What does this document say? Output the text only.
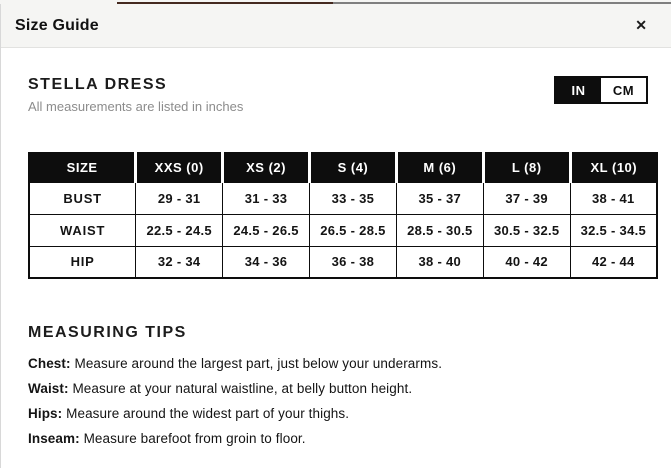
Size Guide	✕
STELLA DRESS
All measurements are listed in inches
IN	CM
SIZE	XXS (0)	XS (2)	S (4)	M (6)	L (8)	XL (10)
BUST	29 - 31	31 - 33	33 - 35	35 - 37	37 - 39	38 - 41
WAIST	22.5 - 24.5	24.5 - 26.5	26.5 - 28.5	28.5 - 30.5	30.5 - 32.5	32.5 - 34.5
HIP	32 - 34	34 - 36	36 - 38	38 - 40	40 - 42	42 - 44
MEASURING TIPS
Chest: Measure around the largest part, just below your underarms.
Waist: Measure at your natural waistline, at belly button height.
Hips: Measure around the widest part of your thighs.
Inseam: Measure barefoot from groin to floor.
